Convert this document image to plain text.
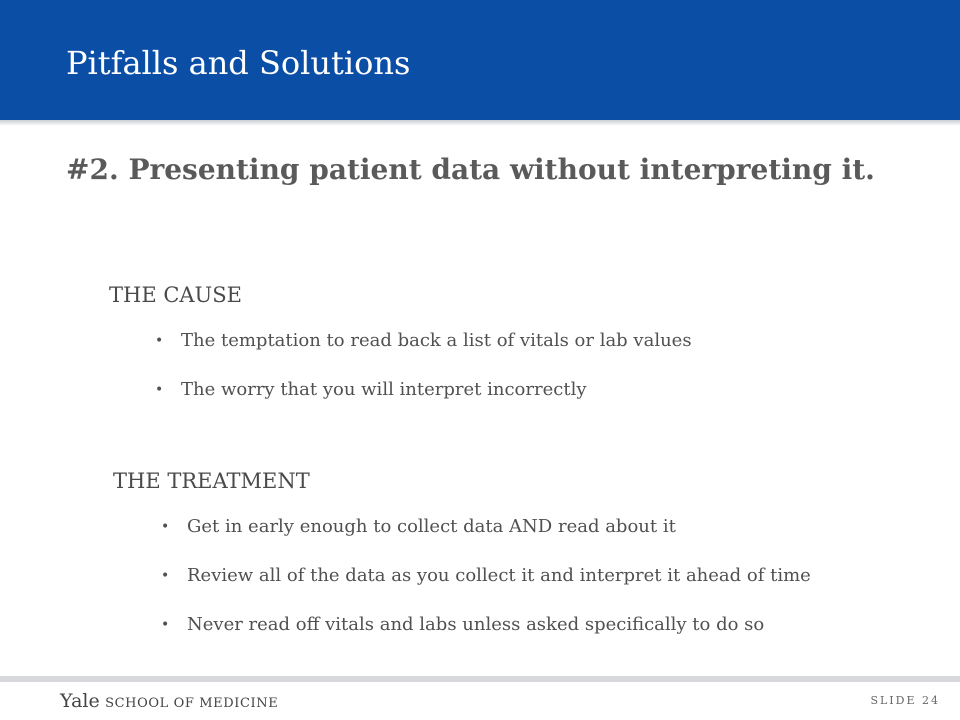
Pitfalls and Solutions
#2. Presenting patient data without interpreting it.
THE CAUSE
• The temptation to read back a list of vitals or lab values
• The worry that you will interpret incorrectly
THE TREATMENT
• Get in early enough to collect data AND read about it
• Review all of the data as you collect it and interpret it ahead of time
• Never read off vitals and labs unless asked specifically to do so
Yale SCHOOL OF MEDICINE	SLIDE 24
